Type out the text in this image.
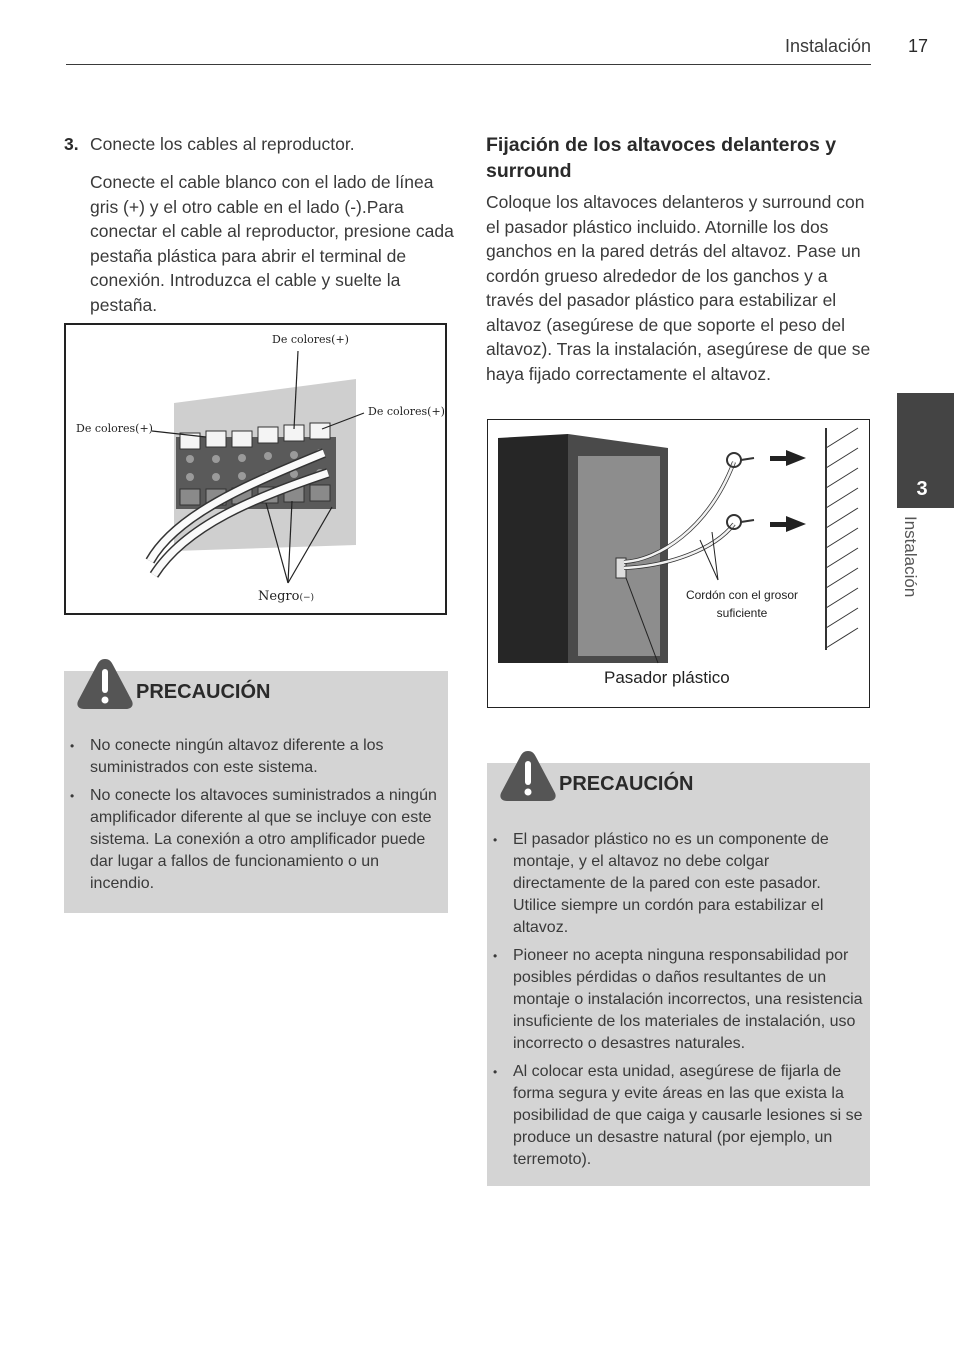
Instalación 17
3. Conecte los cables al reproductor.
Conecte el cable blanco con el lado de línea gris (+) y el otro cable en el lado (-).Para conectar el cable al reproductor, presione cada pestaña plástica para abrir el terminal de conexión. Introduzca el cable y suelte la pestaña.
De colores(+)
De colores(+)
De colores(+)
Negro(−)
PRECAUCIÓN
• No conecte ningún altavoz diferente a los suministrados con este sistema.
• No conecte los altavoces suministrados a ningún amplificador diferente al que se incluye con este sistema. La conexión a otro amplificador puede dar lugar a fallos de funcionamiento o un incendio.
Fijación de los altavoces delanteros y surround
Coloque los altavoces delanteros y surround con el pasador plástico incluido. Atornille los dos ganchos en la pared detrás del altavoz. Pase un cordón grueso alrededor de los ganchos y a través del pasador plástico para estabilizar el altavoz (asegúrese de que soporte el peso del altavoz). Tras la instalación, asegúrese de que se haya fijado correctamente el altavoz.
Cordón con el grosor
suficiente
Pasador plástico
PRECAUCIÓN
• El pasador plástico no es un componente de montaje, y el altavoz no debe colgar directamente de la pared con este pasador. Utilice siempre un cordón para estabilizar el altavoz.
• Pioneer no acepta ninguna responsabilidad por posibles pérdidas o daños resultantes de un montaje o instalación incorrectos, una resistencia insuficiente de los materiales de instalación, uso incorrecto o desastres naturales.
• Al colocar esta unidad, asegúrese de fijarla de forma segura y evite áreas en las que exista la posibilidad de que caiga y causarle lesiones si se produce un desastre natural (por ejemplo, un terremoto).
3
Instalación
